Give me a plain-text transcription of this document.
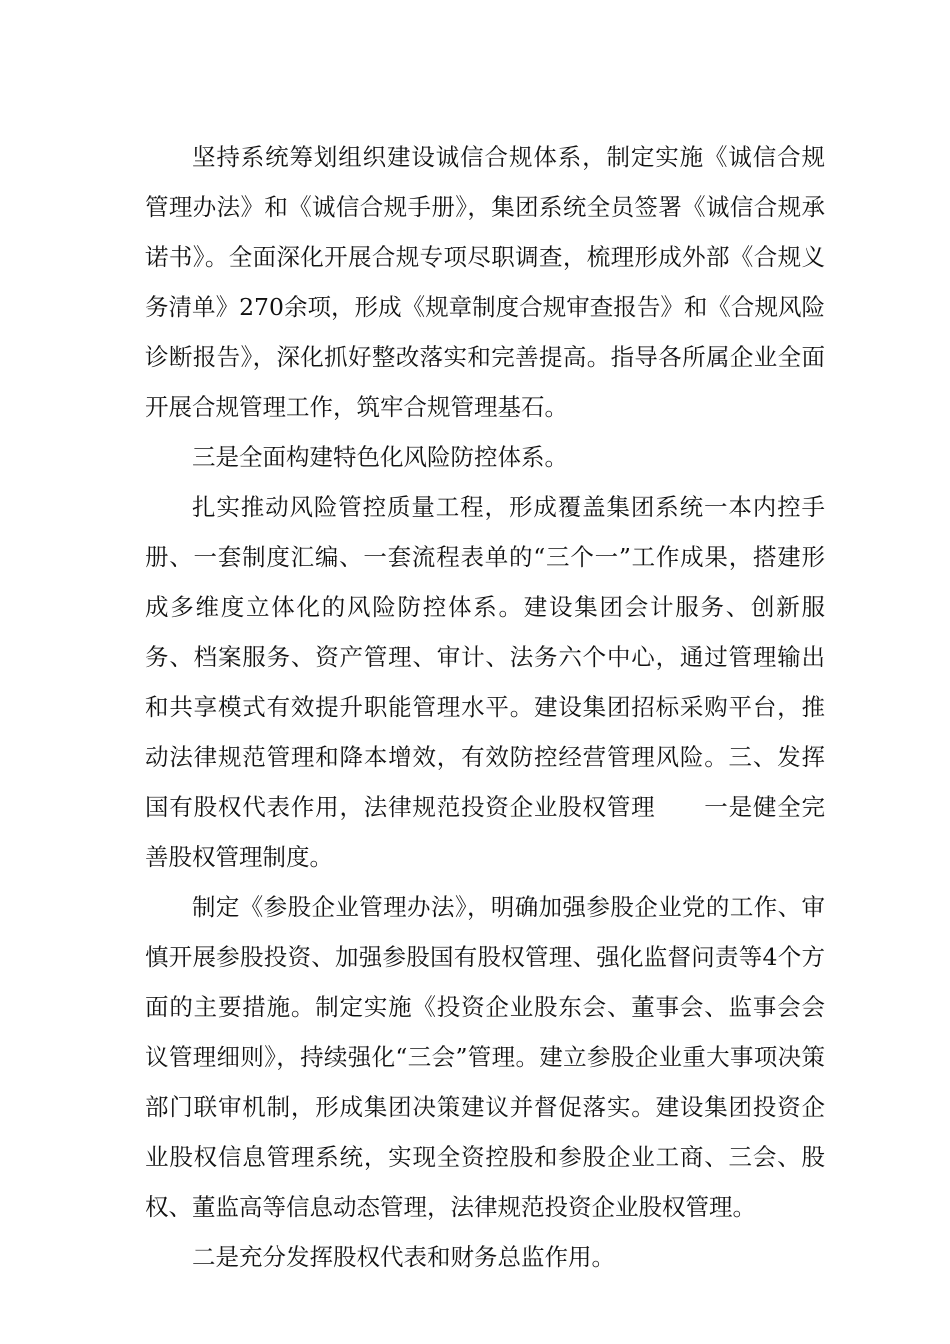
坚持系统筹划组织建设诚信合规体系，制定实施《诚信合规管理办法》和《诚信合规手册》，集团系统全员签署《诚信合规承诺书》。全面深化开展合规专项尽职调查，梳理形成外部《合规义务清单》270余项，形成《规章制度合规审查报告》和《合规风险诊断报告》，深化抓好整改落实和完善提高。指导各所属企业全面开展合规管理工作，筑牢合规管理基石。

三是全面构建特色化风险防控体系。

扎实推动风险管控质量工程，形成覆盖集团系统一本内控手册、一套制度汇编、一套流程表单的“三个一”工作成果，搭建形成多维度立体化的风险防控体系。建设集团会计服务、创新服务、档案服务、资产管理、审计、法务六个中心，通过管理输出和共享模式有效提升职能管理水平。建设集团招标采购平台，推动法律规范管理和降本增效，有效防控经营管理风险。三、发挥国有股权代表作用，法律规范投资企业股权管理 一是健全完善股权管理制度。

制定《参股企业管理办法》，明确加强参股企业党的工作、审慎开展参股投资、加强参股国有股权管理、强化监督问责等4个方面的主要措施。制定实施《投资企业股东会、董事会、监事会会议管理细则》，持续强化“三会”管理。建立参股企业重大事项决策部门联审机制，形成集团决策建议并督促落实。建设集团投资企业股权信息管理系统，实现全资控股和参股企业工商、三会、股权、董监高等信息动态管理，法律规范投资企业股权管理。

二是充分发挥股权代表和财务总监作用。
